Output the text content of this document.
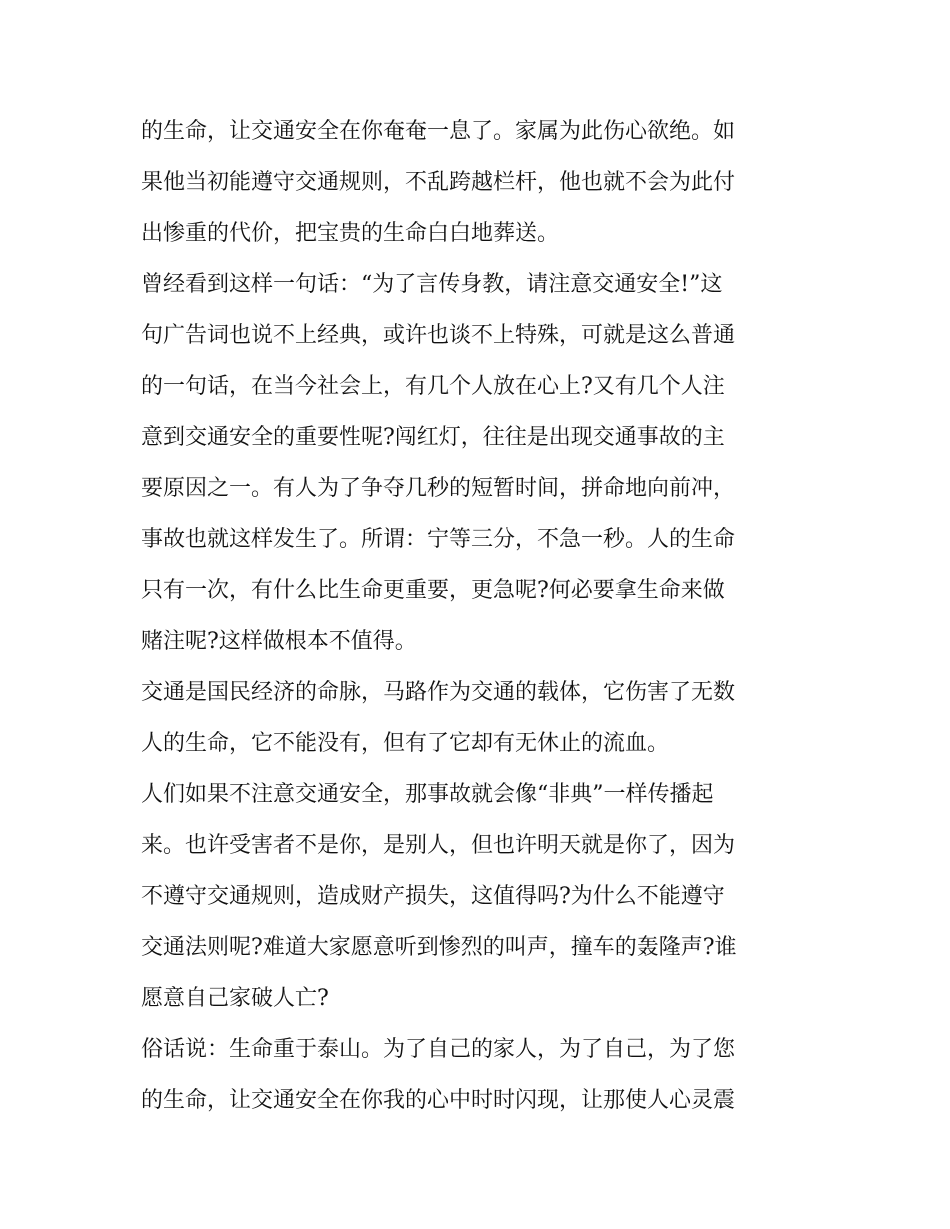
的生命，让交通安全在你奄奄一息了。家属为此伤心欲绝。如
果他当初能遵守交通规则，不乱跨越栏杆，他也就不会为此付
出惨重的代价，把宝贵的生命白白地葬送。
曾经看到这样一句话：“为了言传身教，请注意交通安全!”这
句广告词也说不上经典，或许也谈不上特殊，可就是这么普通
的一句话，在当今社会上，有几个人放在心上?又有几个人注
意到交通安全的重要性呢?闯红灯，往往是出现交通事故的主
要原因之一。有人为了争夺几秒的短暂时间，拼命地向前冲，
事故也就这样发生了。所谓：宁等三分，不急一秒。人的生命
只有一次，有什么比生命更重要，更急呢?何必要拿生命来做
赌注呢?这样做根本不值得。
交通是国民经济的命脉，马路作为交通的载体，它伤害了无数
人的生命，它不能没有，但有了它却有无休止的流血。
人们如果不注意交通安全，那事故就会像“非典”一样传播起
来。也许受害者不是你，是别人，但也许明天就是你了，因为
不遵守交通规则，造成财产损失，这值得吗?为什么不能遵守
交通法则呢?难道大家愿意听到惨烈的叫声，撞车的轰隆声?谁
愿意自己家破人亡?
俗话说：生命重于泰山。为了自己的家人，为了自己，为了您
的生命，让交通安全在你我的心中时时闪现，让那使人心灵震
